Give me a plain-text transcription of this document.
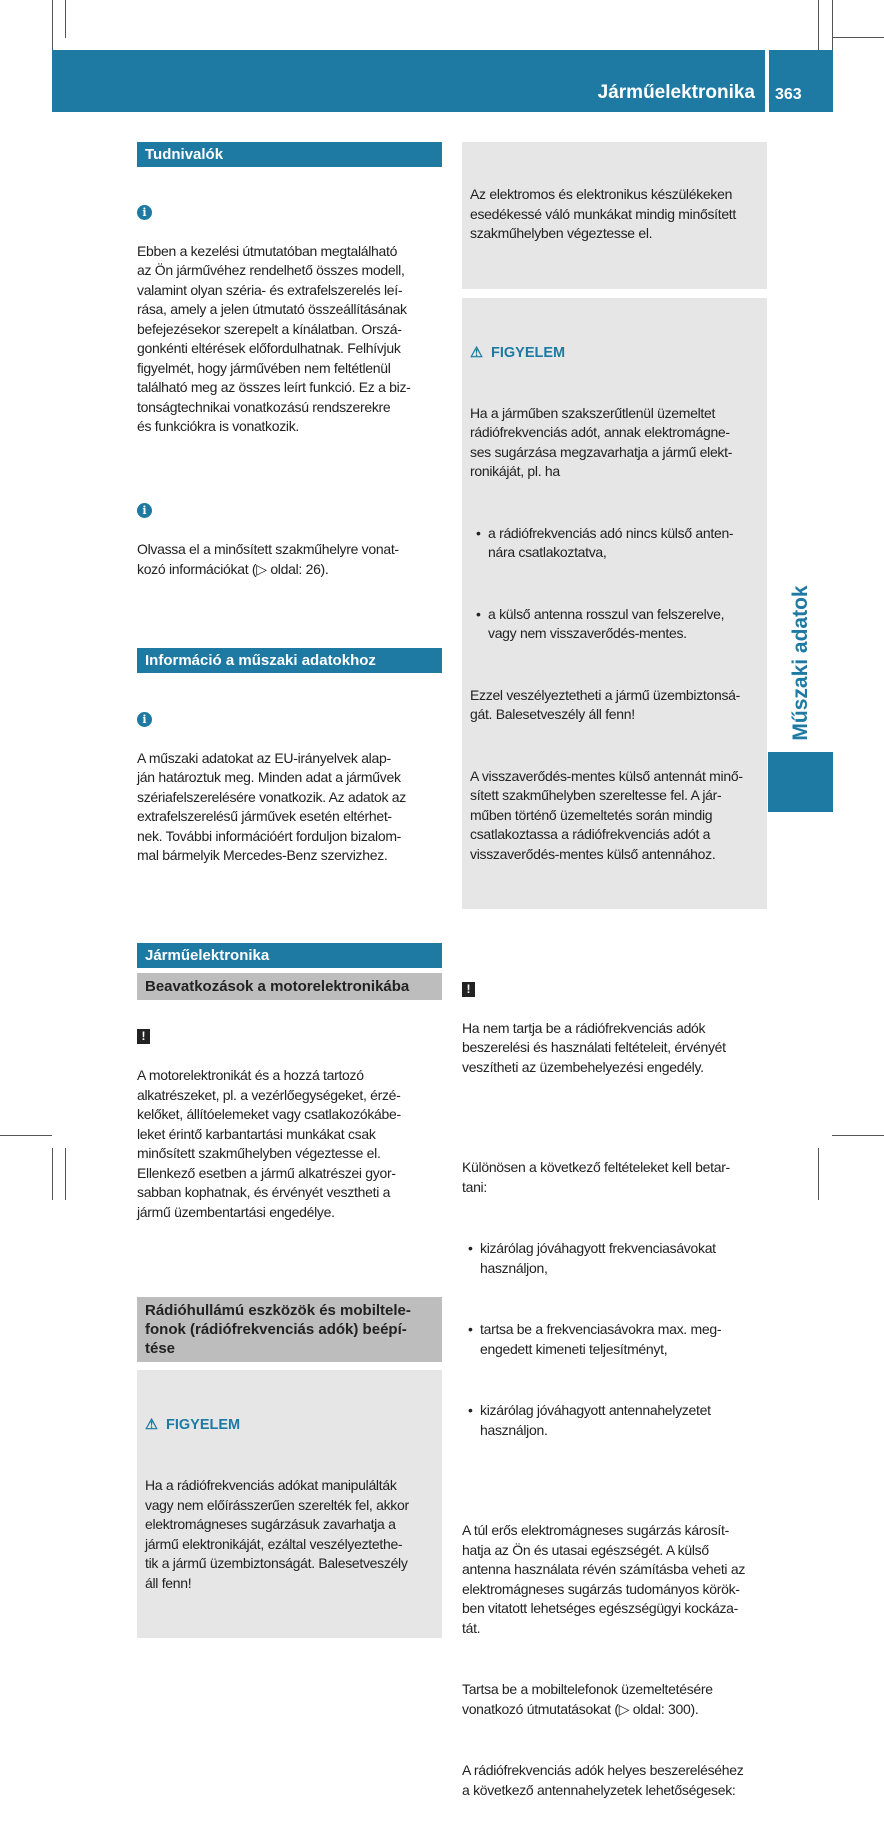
Járműelektronika 363
Műszaki adatok
Tudnivalók

i

Ebben a kezelési útmutatóban megtalálható
az Ön járművéhez rendelhető összes modell,
valamint olyan széria- és extrafelszerelés leí-
rása, amely a jelen útmutató összeállításának
befejezésekor szerepelt a kínálatban. Orszá-
gonkénti eltérések előfordulhatnak. Felhívjuk
figyelmét, hogy járművében nem feltétlenül
található meg az összes leírt funkció. Ez a biz-
tonságtechnikai vonatkozású rendszerekre
és funkciókra is vonatkozik.

i

Olvassa el a minősített szakműhelyre vonat-
kozó információkat (▷ oldal: 26).

Információ a műszaki adatokhoz

i

A műszaki adatokat az EU-irányelvek alap-
ján határoztuk meg. Minden adat a járművek
szériafelszerelésére vonatkozik. Az adatok az
extrafelszerelésű járművek esetén eltérhet-
nek. További információért forduljon bizalom-
mal bármelyik Mercedes-Benz szervizhez.

Járműelektronika
Beavatkozások a motorelektronikába

!

A motorelektronikát és a hozzá tartozó
alkatrészeket, pl. a vezérlőegységeket, érzé-
kelőket, állítóelemeket vagy csatlakozókábe-
leket érintő karbantartási munkákat csak
minősített szakműhelyben végeztesse el.
Ellenkező esetben a jármű alkatrészei gyor-
sabban kophatnak, és érvényét vesztheti a
jármű üzembentartási engedélye.

Rádióhullámú eszközök és mobiltele-
fonok (rádiófrekvenciás adók) beépí-
tése

⚠ FIGYELEM

Ha a rádiófrekvenciás adókat manipulálták
vagy nem előírásszerűen szerelték fel, akkor
elektromágneses sugárzásuk zavarhatja a
jármű elektronikáját, ezáltal veszélyeztethe-
tik a jármű üzembiztonságát. Balesetveszély
áll fenn!

Az elektromos és elektronikus készülékeken
esedékessé váló munkákat mindig minősített
szakműhelyben végeztesse el.

⚠ FIGYELEM

Ha a járműben szakszerűtlenül üzemeltet
rádiófrekvenciás adót, annak elektromágne-
ses sugárzása megzavarhatja a jármű elekt-
ronikáját, pl. ha

• a rádiófrekvenciás adó nincs külső anten-
nára csatlakoztatva,

• a külső antenna rosszul van felszerelve,
vagy nem visszaverődés-mentes.

Ezzel veszélyeztetheti a jármű üzembiztonsá-
gát. Balesetveszély áll fenn!

A visszaverődés-mentes külső antennát minő-
sített szakműhelyben szereltesse fel. A jár-
műben történő üzemeltetés során mindig
csatlakoztassa a rádiófrekvenciás adót a
visszaverődés-mentes külső antennához.

!

Ha nem tartja be a rádiófrekvenciás adók
beszerelési és használati feltételeit, érvényét
veszítheti az üzembehelyezési engedély.

Különösen a következő feltételeket kell betar-
tani:

• kizárólag jóváhagyott frekvenciasávokat
használjon,

• tartsa be a frekvenciasávokra max. meg-
engedett kimeneti teljesítményt,

• kizárólag jóváhagyott antennahelyzetet
használjon.

A túl erős elektromágneses sugárzás károsít-
hatja az Ön és utasai egészségét. A külső
antenna használata révén számításba veheti az
elektromágneses sugárzás tudományos körök-
ben vitatott lehetséges egészségügyi kockáza-
tát.

Tartsa be a mobiltelefonok üzemeltetésére
vonatkozó útmutatásokat (▷ oldal: 300).

A rádiófrekvenciás adók helyes beszereléséhez
a következő antennahelyzetek lehetőségesek:
